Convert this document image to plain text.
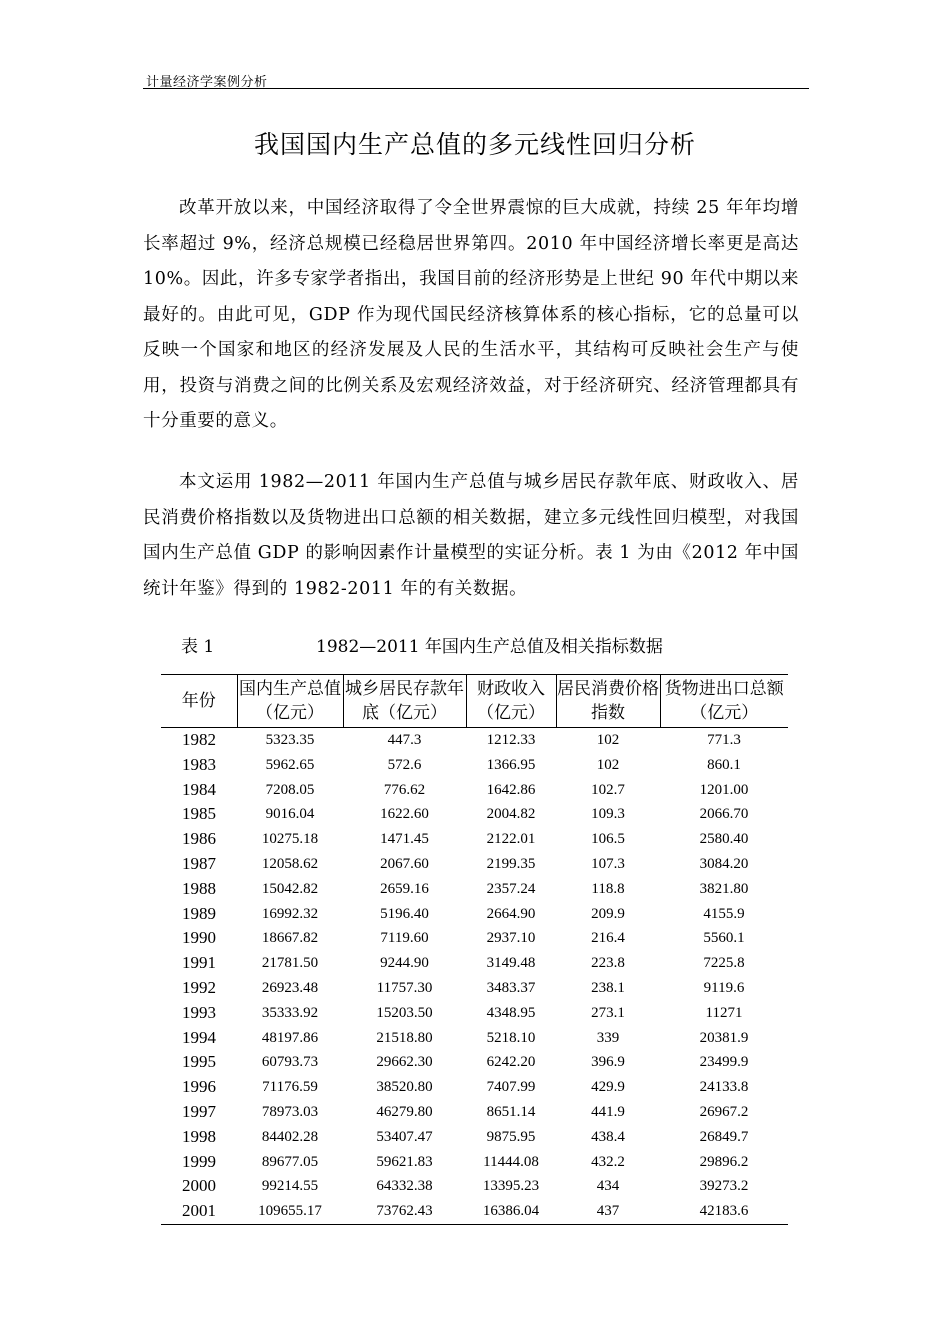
计量经济学案例分析
我国国内生产总值的多元线性回归分析

改革开放以来，中国经济取得了令全世界震惊的巨大成就，持续 25 年年均增长率超过 9%，经济总规模已经稳居世界第四。2010 年中国经济增长率更是高达 10%。因此，许多专家学者指出，我国目前的经济形势是上世纪 90 年代中期以来最好的。由此可见，GDP 作为现代国民经济核算体系的核心指标，它的总量可以反映一个国家和地区的经济发展及人民的生活水平，其结构可反映社会生产与使用，投资与消费之间的比例关系及宏观经济效益，对于经济研究、经济管理都具有十分重要的意义。

本文运用 1982—2011 年国内生产总值与城乡居民存款年底、财政收入、居民消费价格指数以及货物进出口总额的相关数据，建立多元线性回归模型，对我国国内生产总值 GDP 的影响因素作计量模型的实证分析。表 1 为由《2012 年中国统计年鉴》得到的 1982-2011 年的有关数据。

表 1	1982—2011 年国内生产总值及相关指标数据
年份	国内生产总值（亿元）	城乡居民存款年底（亿元）	财政收入（亿元）	居民消费价格指数	货物进出口总额（亿元）
1982	5323.35	447.3	1212.33	102	771.3
1983	5962.65	572.6	1366.95	102	860.1
1984	7208.05	776.62	1642.86	102.7	1201.00
1985	9016.04	1622.60	2004.82	109.3	2066.70
1986	10275.18	1471.45	2122.01	106.5	2580.40
1987	12058.62	2067.60	2199.35	107.3	3084.20
1988	15042.82	2659.16	2357.24	118.8	3821.80
1989	16992.32	5196.40	2664.90	209.9	4155.9
1990	18667.82	7119.60	2937.10	216.4	5560.1
1991	21781.50	9244.90	3149.48	223.8	7225.8
1992	26923.48	11757.30	3483.37	238.1	9119.6
1993	35333.92	15203.50	4348.95	273.1	11271
1994	48197.86	21518.80	5218.10	339	20381.9
1995	60793.73	29662.30	6242.20	396.9	23499.9
1996	71176.59	38520.80	7407.99	429.9	24133.8
1997	78973.03	46279.80	8651.14	441.9	26967.2
1998	84402.28	53407.47	9875.95	438.4	26849.7
1999	89677.05	59621.83	11444.08	432.2	29896.2
2000	99214.55	64332.38	13395.23	434	39273.2
2001	109655.17	73762.43	16386.04	437	42183.6
